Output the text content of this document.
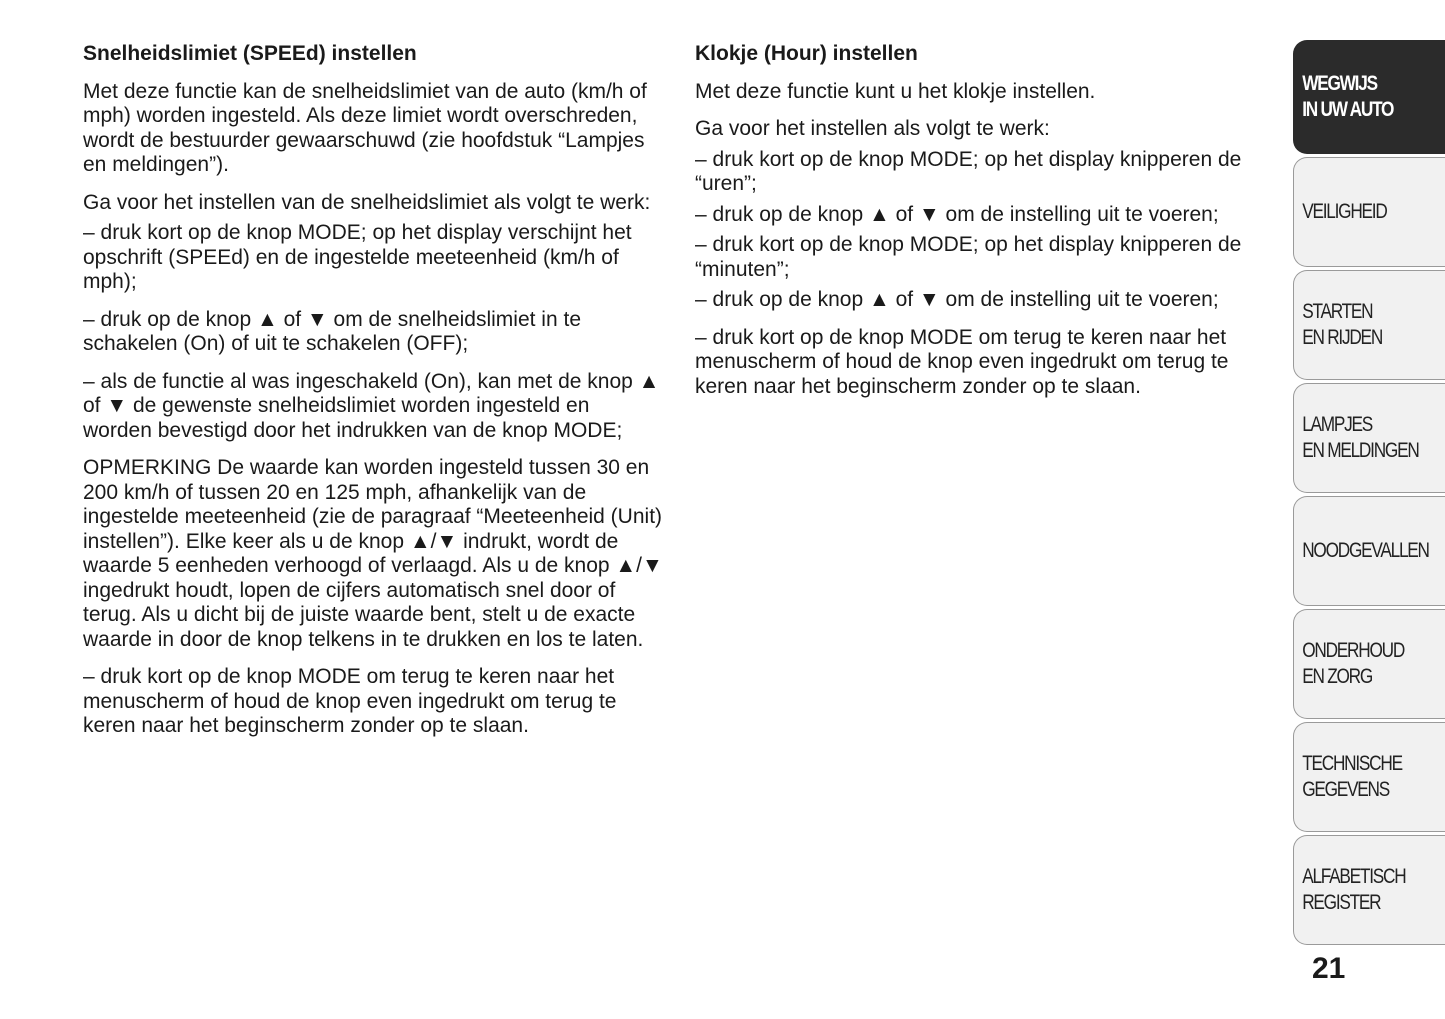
Snelheidslimiet (SPEEd) instellen

Met deze functie kan de snelheidslimiet van de auto (km/h of mph) worden ingesteld. Als deze limiet wordt overschreden, wordt de bestuurder gewaarschuwd (zie hoofdstuk “Lampjes en meldingen”).

Ga voor het instellen van de snelheidslimiet als volgt te werk:

– druk kort op de knop MODE; op het display verschijnt het opschrift (SPEEd) en de ingestelde meeteenheid (km/h of mph);

– druk op de knop ▲ of ▼ om de snelheidslimiet in te schakelen (On) of uit te schakelen (OFF);

– als de functie al was ingeschakeld (On), kan met de knop ▲ of ▼ de gewenste snelheidslimiet worden ingesteld en worden bevestigd door het indrukken van de knop MODE;

OPMERKING De waarde kan worden ingesteld tussen 30 en 200 km/h of tussen 20 en 125 mph, afhankelijk van de ingestelde meeteenheid (zie de paragraaf “Meeteenheid (Unit) instellen”). Elke keer als u de knop ▲/▼ indrukt, wordt de waarde 5 eenheden verhoogd of verlaagd. Als u de knop ▲/▼ ingedrukt houdt, lopen de cijfers automatisch snel door of terug. Als u dicht bij de juiste waarde bent, stelt u de exacte waarde in door de knop telkens in te drukken en los te laten.

– druk kort op de knop MODE om terug te keren naar het menuscherm of houd de knop even ingedrukt om terug te keren naar het beginscherm zonder op te slaan.

Klokje (Hour) instellen

Met deze functie kunt u het klokje instellen.

Ga voor het instellen als volgt te werk:

– druk kort op de knop MODE; op het display knipperen de “uren”;

– druk op de knop ▲ of ▼ om de instelling uit te voeren;

– druk kort op de knop MODE; op het display knipperen de “minuten”;

– druk op de knop ▲ of ▼ om de instelling uit te voeren;

– druk kort op de knop MODE om terug te keren naar het menuscherm of houd de knop even ingedrukt om terug te keren naar het beginscherm zonder op te slaan.

WEGWIJS
IN UW AUTO
VEILIGHEID
STARTEN
EN RIJDEN
LAMPJES
EN MELDINGEN
NOODGEVALLEN
ONDERHOUD
EN ZORG
TECHNISCHE
GEGEVENS
ALFABETISCH
REGISTER
21
